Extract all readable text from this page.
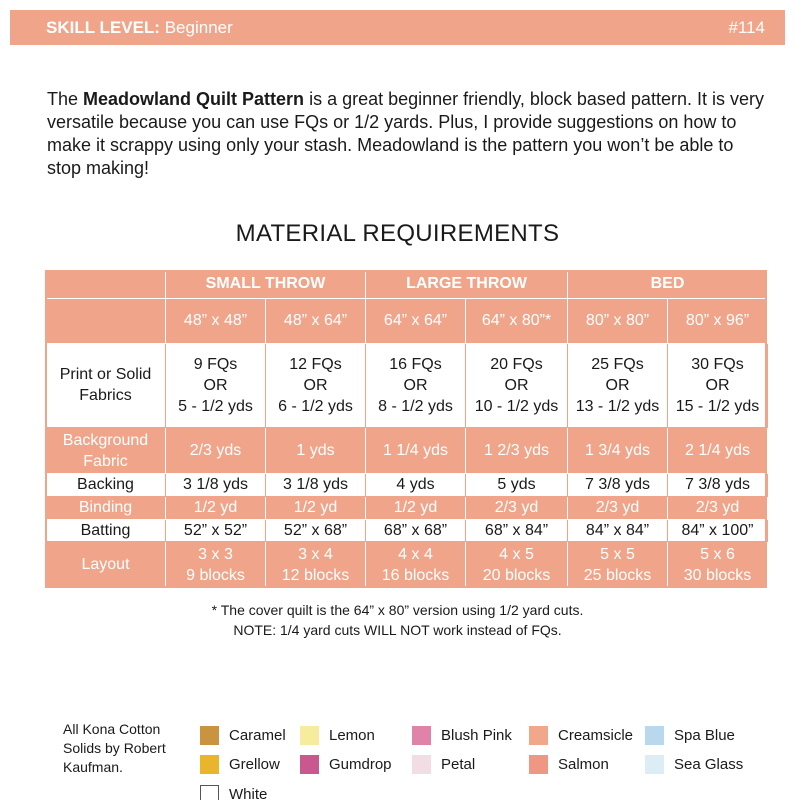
SKILL LEVEL: Beginner	#114

The Meadowland Quilt Pattern is a great beginner friendly, block based pattern. It is very versatile because you can use FQs or 1/2 yards. Plus, I provide suggestions on how to make it scrappy using only your stash. Meadowland is the pattern you won’t be able to stop making!

MATERIAL REQUIREMENTS
	SMALL THROW		LARGE THROW		BED	
	48” x 48”	48” x 64”	64” x 64”	64” x 80”*	80” x 80”	80” x 96”
Print or Solid Fabrics	9 FQs
OR
5 - 1/2 yds	12 FQs
OR
6 - 1/2 yds	16 FQs
OR
8 - 1/2 yds	20 FQs
OR
10 - 1/2 yds	25 FQs
OR
13 - 1/2 yds	30 FQs
OR
15 - 1/2 yds
Background Fabric	2/3 yds	1 yds	1 1/4 yds	1 2/3 yds	1 3/4 yds	2 1/4 yds
Backing	3 1/8 yds	3 1/8 yds	4 yds	5 yds	7 3/8 yds	7 3/8 yds
Binding	1/2 yd	1/2 yd	1/2 yd	2/3 yd	2/3 yd	2/3 yd
Batting	52” x 52”	52” x 68”	68” x 68”	68” x 84”	84” x 84”	84” x 100”
Layout	3 x 3
9 blocks	3 x 4
12 blocks	4 x 4
16 blocks	4 x 5
20 blocks	5 x 5
25 blocks	5 x 6
30 blocks
* The cover quilt is the 64” x 80” version using 1/2 yard cuts.
NOTE: 1/4 yard cuts WILL NOT work instead of FQs.
All Kona Cotton Solids by Robert Kaufman.
Caramel	Lemon	Blush Pink	Creamsicle	Spa Blue
Grellow	Gumdrop	Petal	Salmon	Sea Glass
White
